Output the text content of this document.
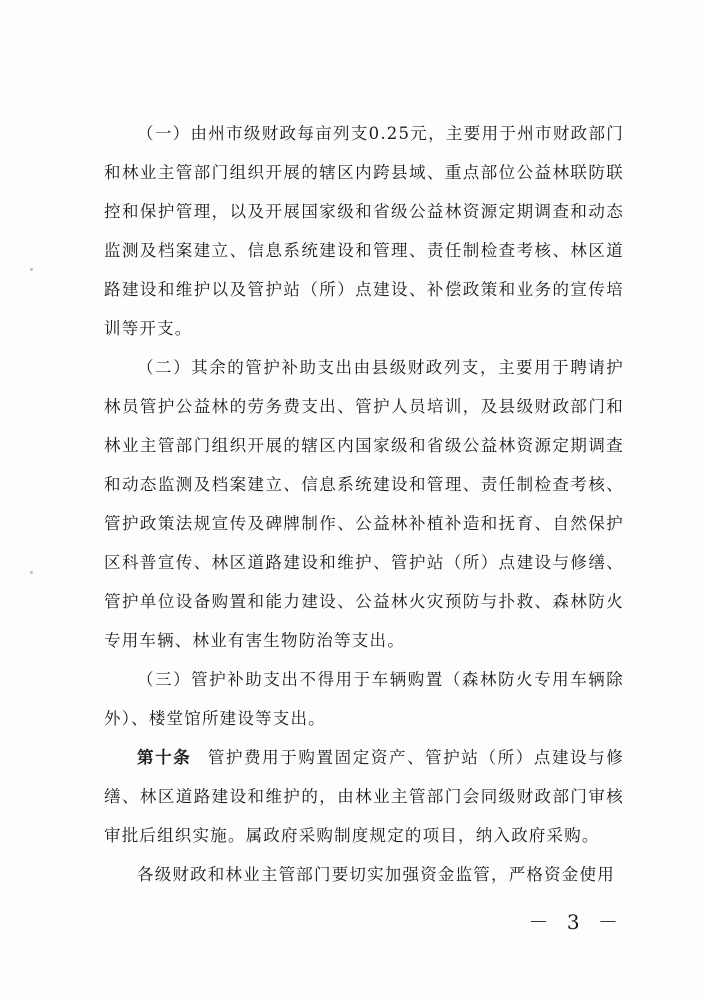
（一）由州市级财政每亩列支0.25元，主要用于州市财政部门和林业主管部门组织开展的辖区内跨县域、重点部位公益林联防联控和保护管理，以及开展国家级和省级公益林资源定期调查和动态监测及档案建立、信息系统建设和管理、责任制检查考核、林区道路建设和维护以及管护站（所）点建设、补偿政策和业务的宣传培训等开支。

（二）其余的管护补助支出由县级财政列支，主要用于聘请护林员管护公益林的劳务费支出、管护人员培训，及县级财政部门和林业主管部门组织开展的辖区内国家级和省级公益林资源定期调查和动态监测及档案建立、信息系统建设和管理、责任制检查考核、管护政策法规宣传及碑牌制作、公益林补植补造和抚育、自然保护区科普宣传、林区道路建设和维护、管护站（所）点建设与修缮、管护单位设备购置和能力建设、公益林火灾预防与扑救、森林防火专用车辆、林业有害生物防治等支出。

（三）管护补助支出不得用于车辆购置（森林防火专用车辆除外）、楼堂馆所建设等支出。

第十条 管护费用于购置固定资产、管护站（所）点建设与修缮、林区道路建设和维护的，由林业主管部门会同级财政部门审核审批后组织实施。属政府采购制度规定的项目，纳入政府采购。

各级财政和林业主管部门要切实加强资金监管，严格资金使用

－ 3 －
